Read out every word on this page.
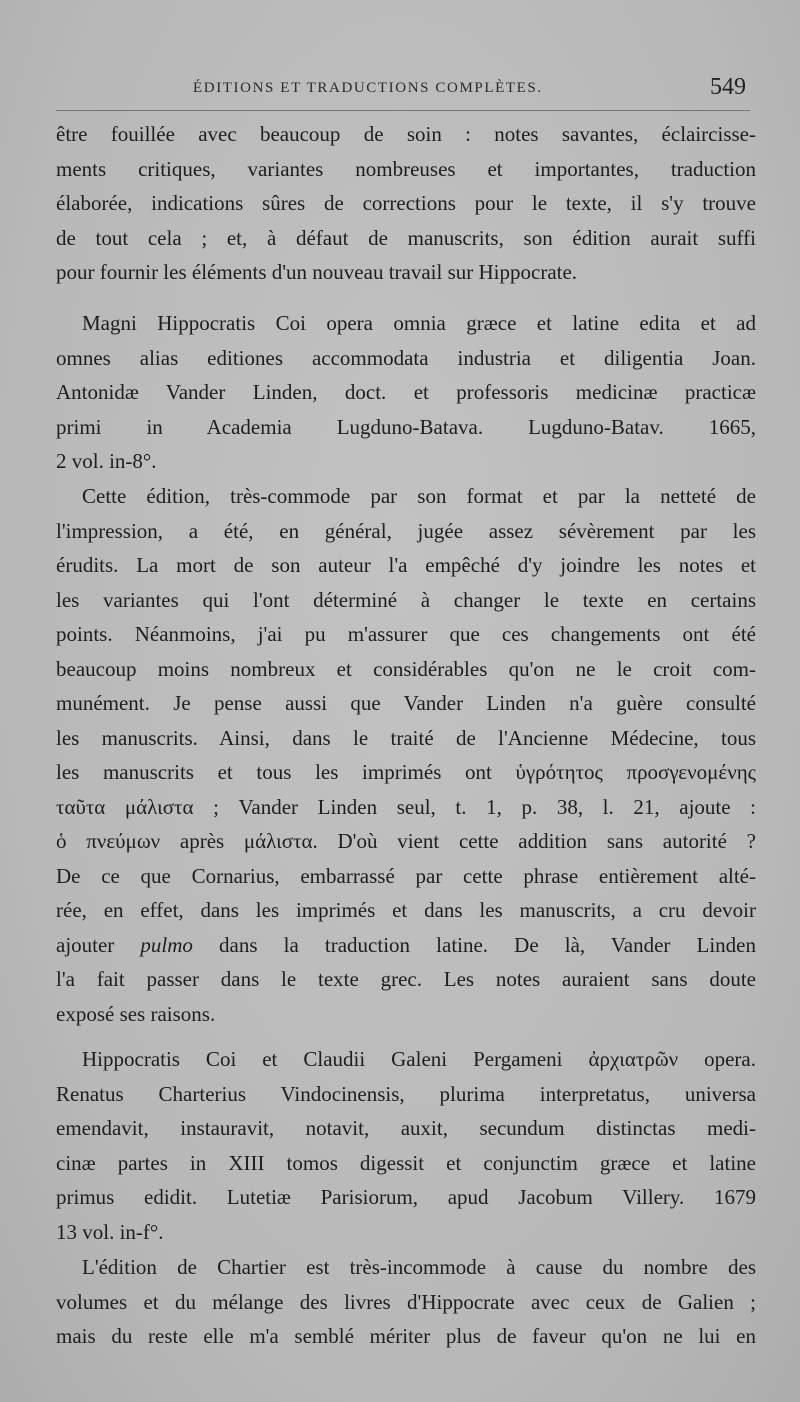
ÉDITIONS ET TRADUCTIONS COMPLÈTES.	549
être fouillée avec beaucoup de soin : notes savantes, éclaircisse-
ments critiques, variantes nombreuses et importantes, traduction
élaborée, indications sûres de corrections pour le texte, il s'y trouve
de tout cela ; et, à défaut de manuscrits, son édition aurait suffi
pour fournir les éléments d'un nouveau travail sur Hippocrate.
Magni Hippocratis Coi opera omnia græce et latine edita et ad
omnes alias editiones accommodata industria et diligentia Joan.
Antonidæ Vander Linden, doct. et professoris medicinæ practicæ
primi in Academia Lugduno-Batava. Lugduno-Batav. 1665,
2 vol. in-8°.
Cette édition, très-commode par son format et par la netteté de
l'impression, a été, en général, jugée assez sévèrement par les
érudits. La mort de son auteur l'a empêché d'y joindre les notes et
les variantes qui l'ont déterminé à changer le texte en certains
points. Néanmoins, j'ai pu m'assurer que ces changements ont été
beaucoup moins nombreux et considérables qu'on ne le croit com-
munément. Je pense aussi que Vander Linden n'a guère consulté
les manuscrits. Ainsi, dans le traité de l'Ancienne Médecine, tous
les manuscrits et tous les imprimés ont ὑγρότητος προσγενομένης
ταῦτα μάλιστα ; Vander Linden seul, t. 1, p. 38, l. 21, ajoute :
ὁ πνεύμων après μάλιστα. D'où vient cette addition sans autorité ?
De ce que Cornarius, embarrassé par cette phrase entièrement alté-
rée, en effet, dans les imprimés et dans les manuscrits, a cru devoir
ajouter pulmo dans la traduction latine. De là, Vander Linden
l'a fait passer dans le texte grec. Les notes auraient sans doute
exposé ses raisons.
Hippocratis Coi et Claudii Galeni Pergameni ἀρχιατρῶν opera.
Renatus Charterius Vindocinensis, plurima interpretatus, universa
emendavit, instauravit, notavit, auxit, secundum distinctas medi-
cinæ partes in XIII tomos digessit et conjunctim græce et latine
primus edidit. Lutetiæ Parisiorum, apud Jacobum Villery. 1679
13 vol. in-f°.
L'édition de Chartier est très-incommode à cause du nombre des
volumes et du mélange des livres d'Hippocrate avec ceux de Galien ;
mais du reste elle m'a semblé mériter plus de faveur qu'on ne lui en
